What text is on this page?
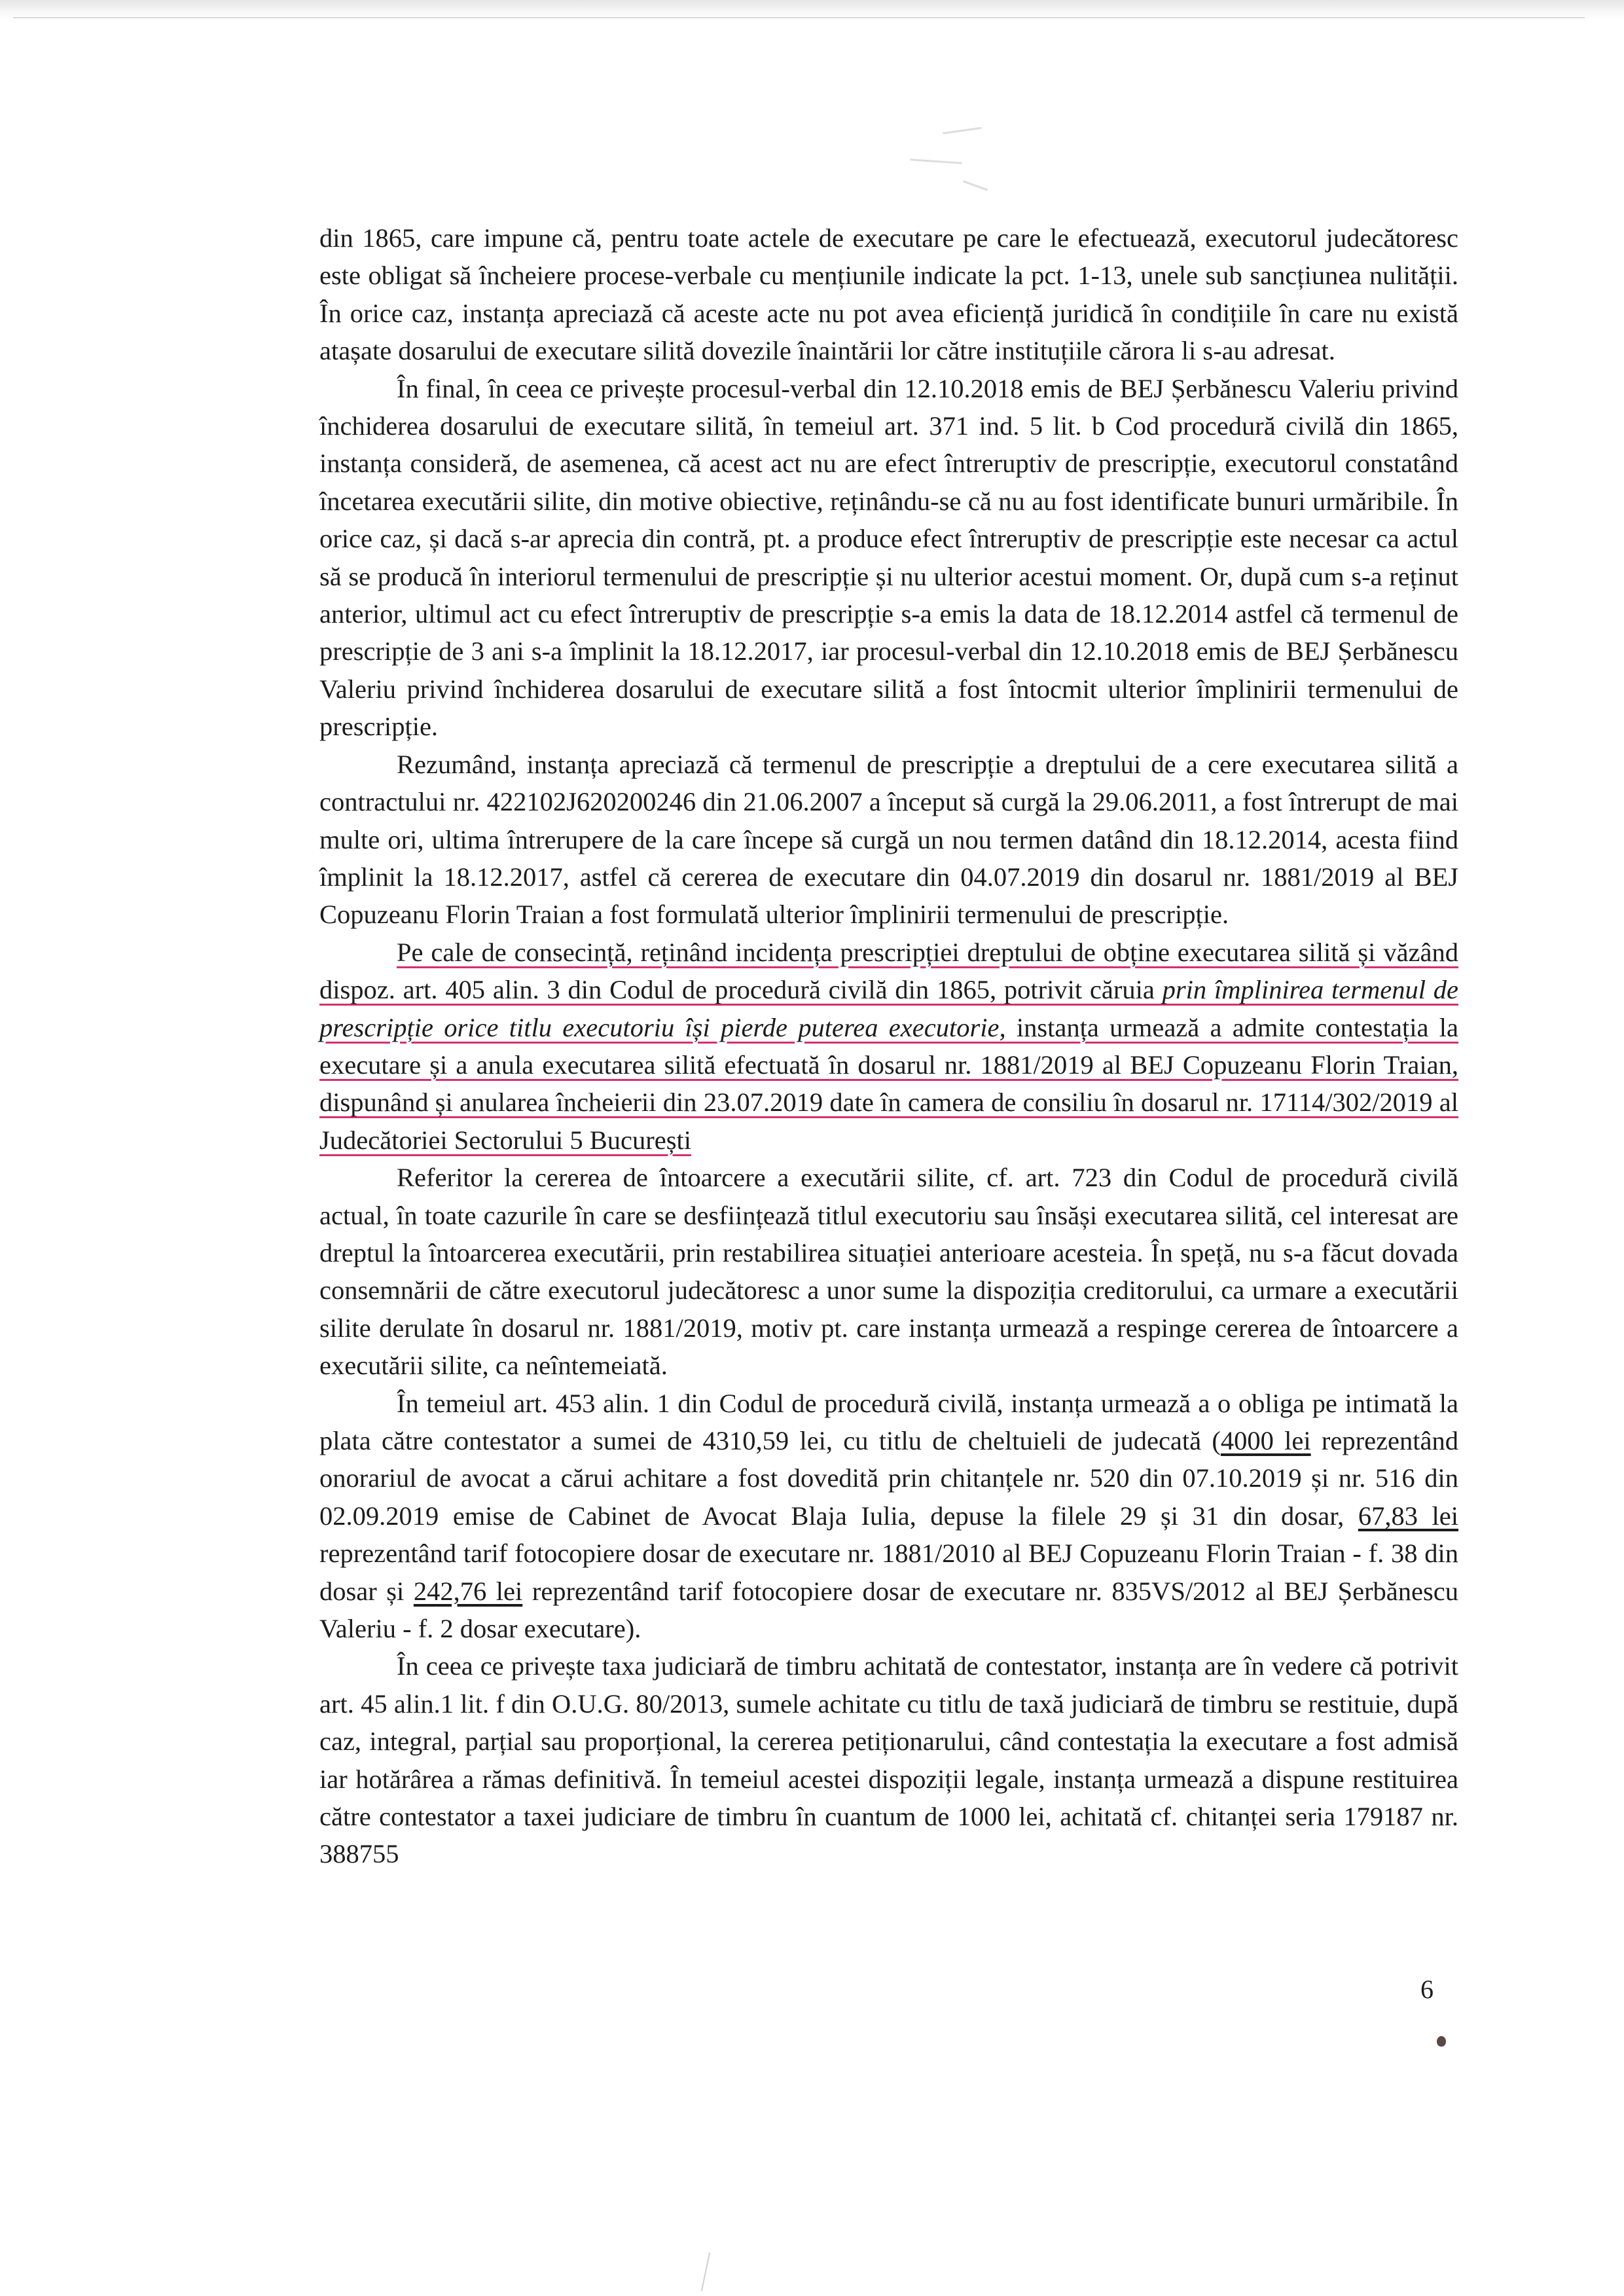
din 1865, care impune că, pentru toate actele de executare pe care le efectuează, executorul judecătoresc este obligat să încheiere procese-verbale cu mențiunile indicate la pct. 1-13, unele sub sancțiunea nulității. În orice caz, instanța apreciază că aceste acte nu pot avea eficiență juridică în condițiile în care nu există atașate dosarului de executare silită dovezile înaintării lor către instituțiile cărora li s-au adresat.

În final, în ceea ce privește procesul-verbal din 12.10.2018 emis de BEJ Șerbănescu Valeriu privind închiderea dosarului de executare silită, în temeiul art. 371 ind. 5 lit. b Cod procedură civilă din 1865, instanța consideră, de asemenea, că acest act nu are efect întreruptiv de prescripție, executorul constatând încetarea executării silite, din motive obiective, reținându-se că nu au fost identificate bunuri urmăribile. În orice caz, și dacă s-ar aprecia din contră, pt. a produce efect întreruptiv de prescripție este necesar ca actul să se producă în interiorul termenului de prescripție și nu ulterior acestui moment. Or, după cum s-a reținut anterior, ultimul act cu efect întreruptiv de prescripție s-a emis la data de 18.12.2014 astfel că termenul de prescripție de 3 ani s-a împlinit la 18.12.2017, iar procesul-verbal din 12.10.2018 emis de BEJ Șerbănescu Valeriu privind închiderea dosarului de executare silită a fost întocmit ulterior împlinirii termenului de prescripție.

Rezumând, instanța apreciază că termenul de prescripție a dreptului de a cere executarea silită a contractului nr. 422102J620200246 din 21.06.2007 a început să curgă la 29.06.2011, a fost întrerupt de mai multe ori, ultima întrerupere de la care începe să curgă un nou termen datând din 18.12.2014, acesta fiind împlinit la 18.12.2017, astfel că cererea de executare din 04.07.2019 din dosarul nr. 1881/2019 al BEJ Copuzeanu Florin Traian a fost formulată ulterior împlinirii termenului de prescripție.

Pe cale de consecință, reținând incidența prescripției dreptului de obține executarea silită și văzând dispoz. art. 405 alin. 3 din Codul de procedură civilă din 1865, potrivit căruia prin împlinirea termenul de prescripție orice titlu executoriu își pierde puterea executorie, instanța urmează a admite contestația la executare și a anula executarea silită efectuată în dosarul nr. 1881/2019 al BEJ Copuzeanu Florin Traian, dispunând și anularea încheierii din 23.07.2019 date în camera de consiliu în dosarul nr. 17114/302/2019 al Judecătoriei Sectorului 5 București

Referitor la cererea de întoarcere a executării silite, cf. art. 723 din Codul de procedură civilă actual, în toate cazurile în care se desființează titlul executoriu sau însăși executarea silită, cel interesat are dreptul la întoarcerea executării, prin restabilirea situației anterioare acesteia. În speță, nu s-a făcut dovada consemnării de către executorul judecătoresc a unor sume la dispoziția creditorului, ca urmare a executării silite derulate în dosarul nr. 1881/2019, motiv pt. care instanța urmează a respinge cererea de întoarcere a executării silite, ca neîntemeiată.

În temeiul art. 453 alin. 1 din Codul de procedură civilă, instanța urmează a o obliga pe intimată la plata către contestator a sumei de 4310,59 lei, cu titlu de cheltuieli de judecată (4000 lei reprezentând onorariul de avocat a cărui achitare a fost dovedită prin chitanțele nr. 520 din 07.10.2019 și nr. 516 din 02.09.2019 emise de Cabinet de Avocat Blaja Iulia, depuse la filele 29 și 31 din dosar, 67,83 lei reprezentând tarif fotocopiere dosar de executare nr. 1881/2010 al BEJ Copuzeanu Florin Traian - f. 38 din dosar și 242,76 lei reprezentând tarif fotocopiere dosar de executare nr. 835VS/2012 al BEJ Șerbănescu Valeriu - f. 2 dosar executare).

În ceea ce privește taxa judiciară de timbru achitată de contestator, instanța are în vedere că potrivit art. 45 alin.1 lit. f din O.U.G. 80/2013, sumele achitate cu titlu de taxă judiciară de timbru se restituie, după caz, integral, parțial sau proporțional, la cererea petiționarului, când contestația la executare a fost admisă iar hotărârea a rămas definitivă. În temeiul acestei dispoziții legale, instanța urmează a dispune restituirea către contestator a taxei judiciare de timbru în cuantum de 1000 lei, achitată cf. chitanței seria 179187 nr. 388755

6
